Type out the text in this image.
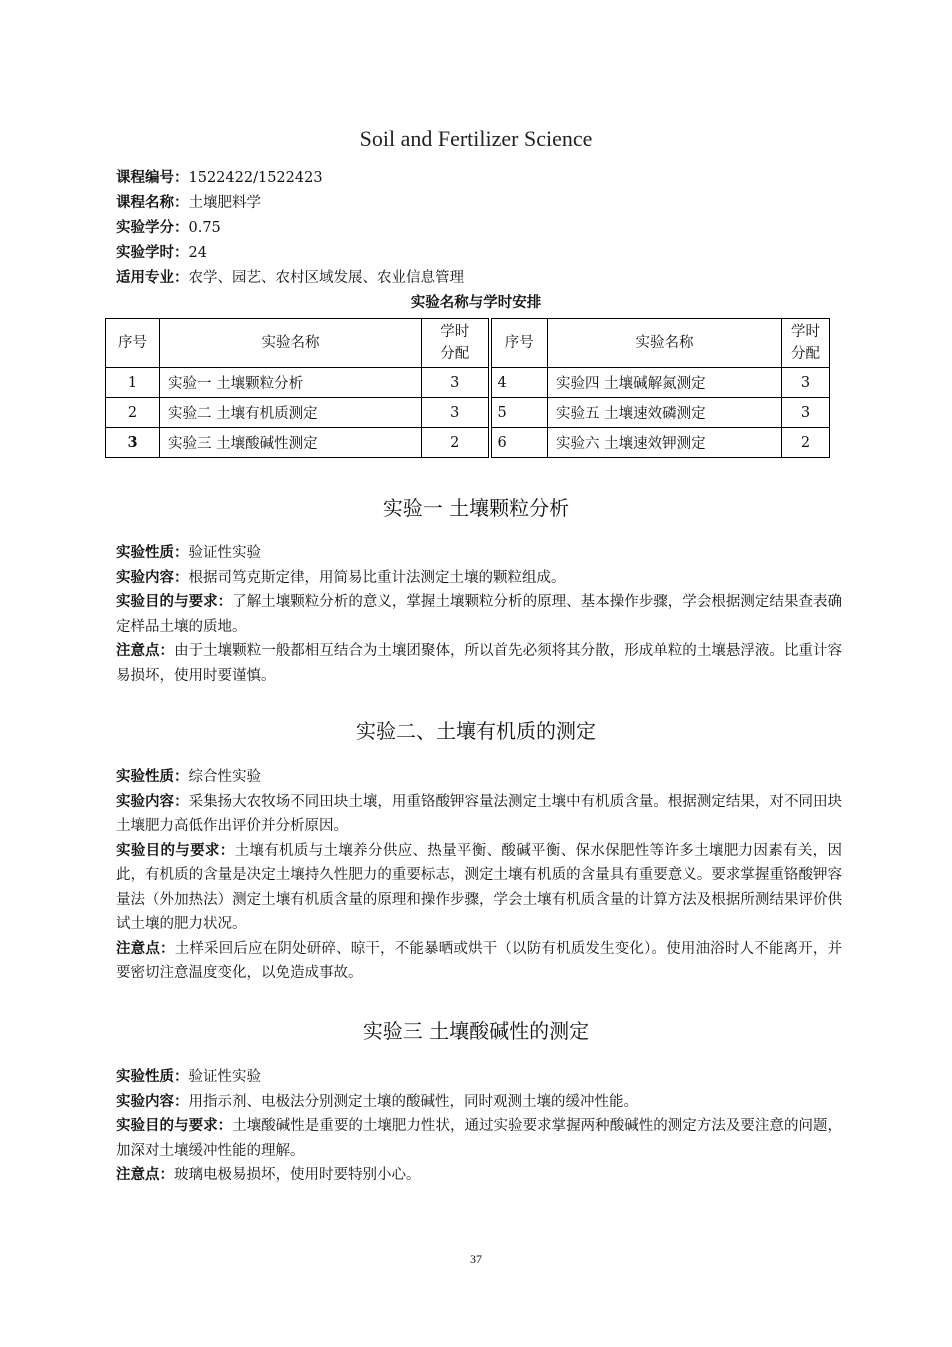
Soil and Fertilizer Science
课程编号：1522422/1522423
课程名称：土壤肥料学
实验学分：0.75
实验学时：24
适用专业：农学、园艺、农村区域发展、农业信息管理
实验名称与学时安排
序号	实验名称	学时分配	序号	实验名称	学时分配
1	实验一 土壤颗粒分析	3	4	实验四 土壤碱解氮测定	3
2	实验二 土壤有机质测定	3	5	实验五 土壤速效磷测定	3
3	实验三 土壤酸碱性测定	2	6	实验六 土壤速效钾测定	2
实验一 土壤颗粒分析

实验性质：验证性实验

实验内容：根据司笃克斯定律，用简易比重计法测定土壤的颗粒组成。

实验目的与要求：了解土壤颗粒分析的意义，掌握土壤颗粒分析的原理、基本操作步骤，学会根据测定结果查表确定样品土壤的质地。

注意点：由于土壤颗粒一般都相互结合为土壤团聚体，所以首先必须将其分散，形成单粒的土壤悬浮液。比重计容易损坏，使用时要谨慎。

实验二、土壤有机质的测定

实验性质：综合性实验

实验内容：采集扬大农牧场不同田块土壤，用重铬酸钾容量法测定土壤中有机质含量。根据测定结果，对不同田块土壤肥力高低作出评价并分析原因。

实验目的与要求：土壤有机质与土壤养分供应、热量平衡、酸碱平衡、保水保肥性等许多土壤肥力因素有关，因此，有机质的含量是决定土壤持久性肥力的重要标志，测定土壤有机质的含量具有重要意义。要求掌握重铬酸钾容量法（外加热法）测定土壤有机质含量的原理和操作步骤，学会土壤有机质含量的计算方法及根据所测结果评价供试土壤的肥力状况。

注意点：土样采回后应在阴处研碎、晾干，不能暴晒或烘干（以防有机质发生变化）。使用油浴时人不能离开，并要密切注意温度变化，以免造成事故。

实验三 土壤酸碱性的测定

实验性质：验证性实验

实验内容：用指示剂、电极法分别测定土壤的酸碱性，同时观测土壤的缓冲性能。

实验目的与要求：土壤酸碱性是重要的土壤肥力性状，通过实验要求掌握两种酸碱性的测定方法及要注意的问题，加深对土壤缓冲性能的理解。

注意点：玻璃电极易损坏，使用时要特别小心。

37
